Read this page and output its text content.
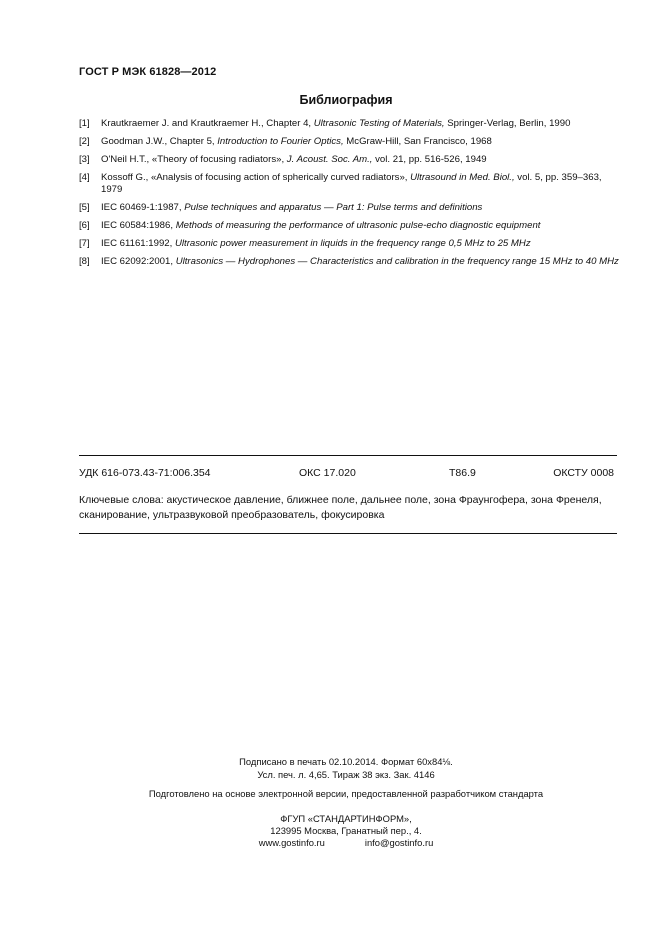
ГОСТ Р МЭК 61828—2012
Библиография
[1]	Krautkraemer J. and Krautkraemer H., Chapter 4, Ultrasonic Testing of Materials, Springer-Verlag, Berlin, 1990
[2]	Goodman J.W., Chapter 5, Introduction to Fourier Optics, McGraw-Hill, San Francisco, 1968
[3]	O'Neil H.T., «Theory of focusing radiators», J. Acoust. Soc. Am., vol. 21, pp. 516-526, 1949
[4]	Kossoff G., «Analysis of focusing action of spherically curved radiators», Ultrasound in Med. Biol., vol. 5, pp. 359–363, 1979
[5]	IEC 60469-1:1987, Pulse techniques and apparatus — Part 1: Pulse terms and definitions
[6]	IEC 60584:1986, Methods of measuring the performance of ultrasonic pulse-echo diagnostic equipment
[7]	IEC 61161:1992, Ultrasonic power measurement in liquids in the frequency range 0,5 MHz to 25 MHz
[8]	IEC 62092:2001, Ultrasonics — Hydrophones — Characteristics and calibration in the frequency range 15 MHz to 40 MHz
УДК 616-073.43-71:006.354	ОКС 17.020	Т86.9	ОКСТУ 0008
Ключевые слова: акустическое давление, ближнее поле, дальнее поле, зона Фраунгофера, зона Френеля, сканирование, ультразвуковой преобразователь, фокусировка
Подписано в печать 02.10.2014. Формат 60x84⅛.
Усл. печ. л. 4,65. Тираж 38 экз. Зак. 4146
Подготовлено на основе электронной версии, предоставленной разработчиком стандарта
ФГУП «СТАНДАРТИНФОРМ»,
123995 Москва, Гранатный пер., 4.
www.gostinfo.ru	info@gostinfo.ru
